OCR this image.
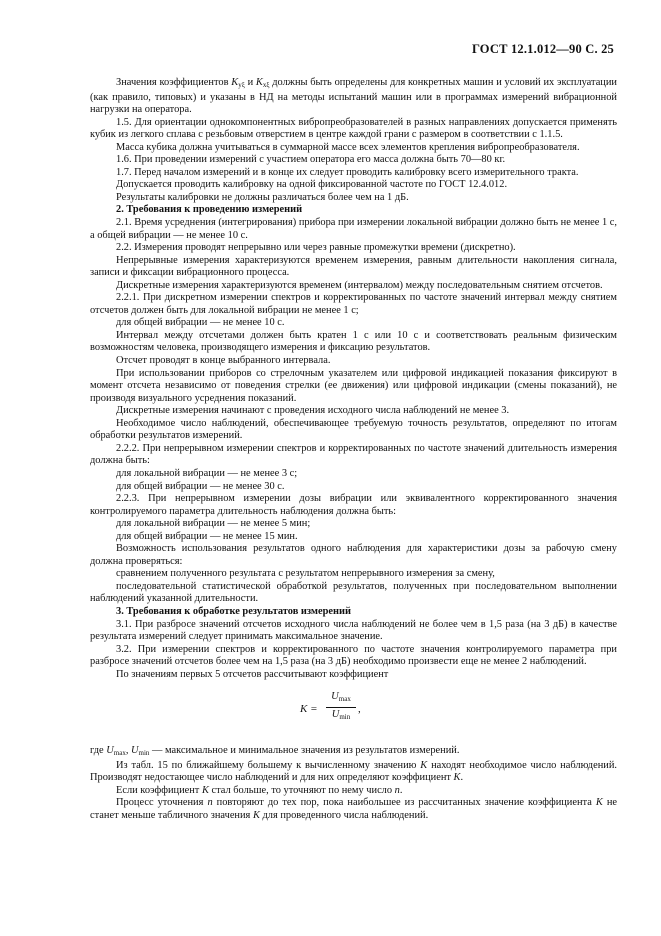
ГОСТ 12.1.012—90 С. 25

Значения коэффициентов $K_{y\xi}$ и $K_{x\xi}$ должны быть определены для конкретных машин и условий их эксплуатации (как правило, типовых) и указаны в НД на методы испытаний машин или в программах измерений вибрационной нагрузки на оператора.

1.5. Для ориентации однокомпонентных вибропреобразователей в разных направлениях допускается применять кубик из легкого сплава с резьбовым отверстием в центре каждой грани с размером в соответствии с 1.1.5.

Масса кубика должна учитываться в суммарной массе всех элементов крепления вибропреобразователя.

1.6. При проведении измерений с участием оператора его масса должна быть 70—80 кг.

1.7. Перед началом измерений и в конце их следует проводить калибровку всего измерительного тракта.

Допускается проводить калибровку на одной фиксированной частоте по ГОСТ 12.4.012.

Результаты калибровки не должны различаться более чем на 1 дБ.

2. Требования к проведению измерений

2.1. Время усреднения (интегрирования) прибора при измерении локальной вибрации должно быть не менее 1 с, а общей вибрации — не менее 10 с.

2.2. Измерения проводят непрерывно или через равные промежутки времени (дискретно).

Непрерывные измерения характеризуются временем измерения, равным длительности накопления сигнала, записи и фиксации вибрационного процесса.

Дискретные измерения характеризуются временем (интервалом) между последовательным снятием отсчетов.

2.2.1. При дискретном измерении спектров и корректированных по частоте значений интервал между снятием отсчетов должен быть для локальной вибрации не менее 1 с;

для общей вибрации — не менее 10 с.

Интервал между отсчетами должен быть кратен 1 с или 10 с и соответствовать реальным физическим возможностям человека, производящего измерения и фиксацию результатов.

Отсчет проводят в конце выбранного интервала.

При использовании приборов со стрелочным указателем или цифровой индикацией показания фиксируют в момент отсчета независимо от поведения стрелки (ее движения) или цифровой индикации (смены показаний), не производя визуального усреднения показаний.

Дискретные измерения начинают с проведения исходного числа наблюдений не менее 3.

Необходимое число наблюдений, обеспечивающее требуемую точность результатов, определяют по итогам обработки результатов измерений.

2.2.2. При непрерывном измерении спектров и корректированных по частоте значений длительность измерения должна быть:

для локальной вибрации — не менее 3 с;

для общей вибрации — не менее 30 с.

2.2.3. При непрерывном измерении дозы вибрации или эквивалентного корректированного значения контролируемого параметра длительность наблюдения должна быть:

для локальной вибрации — не менее 5 мин;

для общей вибрации — не менее 15 мин.

Возможность использования результатов одного наблюдения для характеристики дозы за рабочую смену должна проверяться:

сравнением полученного результата с результатом непрерывного измерения за смену,

последовательной статистической обработкой результатов, полученных при последовательном выполнении наблюдений указанной длительности.

3. Требования к обработке результатов измерений

3.1. При разбросе значений отсчетов исходного числа наблюдений не более чем в 1,5 раза (на 3 дБ) в качестве результата измерений следует принимать максимальное значение.

3.2. При измерении спектров и корректированного по частоте значения контролируемого параметра при разбросе значений отсчетов более чем на 1,5 раза (на 3 дБ) необходимо произвести еще не менее 2 наблюдений.

По значениям первых 5 отсчетов рассчитывают коэффициент

K =
$U_{max}$
$U_{min}$
,

где $U_{max}$, $U_{min}$ — максимальное и минимальное значения из результатов измерений.

Из табл. 15 по ближайшему большему к вычисленному значению K находят необходимое число наблюдений. Производят недостающее число наблюдений и для них определяют коэффициент K.

Если коэффициент K стал больше, то уточняют по нему число n.

Процесс уточнения n повторяют до тех пор, пока наибольшее из рассчитанных значение коэффициента K не станет меньше табличного значения K для проведенного числа наблюдений.
